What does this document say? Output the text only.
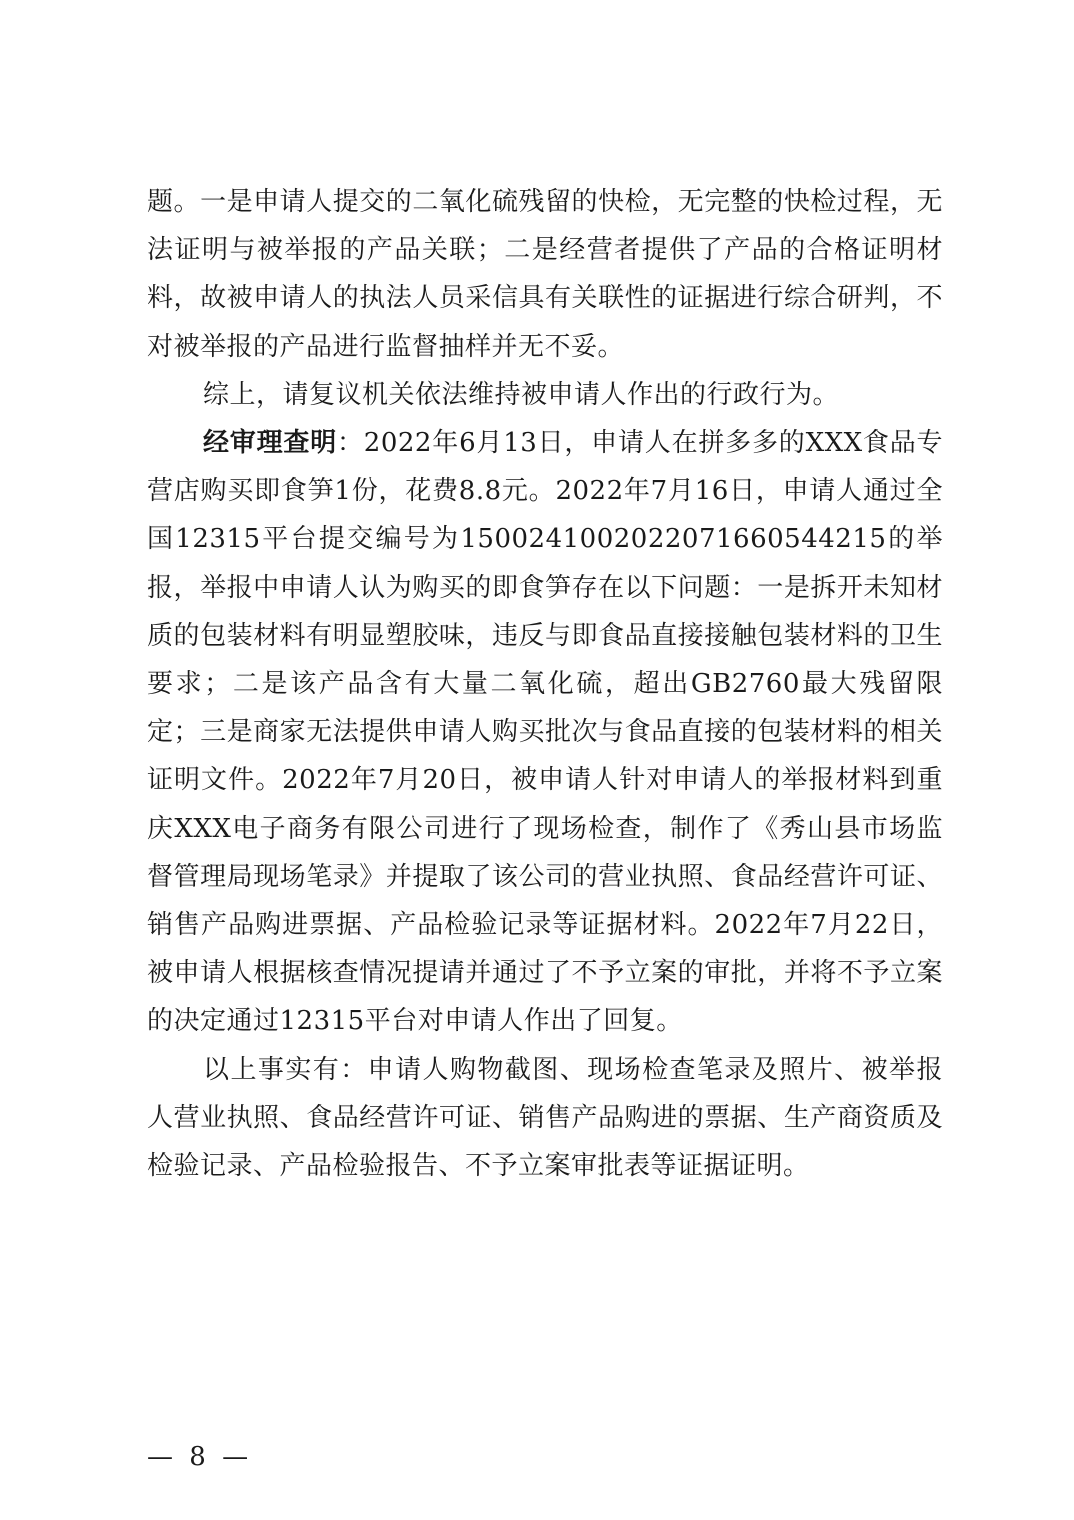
题。一是申请人提交的二氧化硫残留的快检，无完整的快检过程，无法证明与被举报的产品关联；二是经营者提供了产品的合格证明材料，故被申请人的执法人员采信具有关联性的证据进行综合研判，不对被举报的产品进行监督抽样并无不妥。

综上，请复议机关依法维持被申请人作出的行政行为。

经审理查明：2022年6月13日，申请人在拼多多的XXX食品专营店购买即食笋1份，花费8.8元。2022年7月16日，申请人通过全国12315平台提交编号为1500241002022071660544215的举报，举报中申请人认为购买的即食笋存在以下问题：一是拆开未知材质的包装材料有明显塑胶味，违反与即食品直接接触包装材料的卫生要求；二是该产品含有大量二氧化硫，超出GB2760最大残留限定；三是商家无法提供申请人购买批次与食品直接的包装材料的相关证明文件。2022年7月20日，被申请人针对申请人的举报材料到重庆XXX电子商务有限公司进行了现场检查，制作了《秀山县市场监督管理局现场笔录》并提取了该公司的营业执照、食品经营许可证、销售产品购进票据、产品检验记录等证据材料。2022年7月22日，被申请人根据核查情况提请并通过了不予立案的审批，并将不予立案的决定通过12315平台对申请人作出了回复。

以上事实有：申请人购物截图、现场检查笔录及照片、被举报人营业执照、食品经营许可证、销售产品购进的票据、生产商资质及检验记录、产品检验报告、不予立案审批表等证据证明。

— 8 —
